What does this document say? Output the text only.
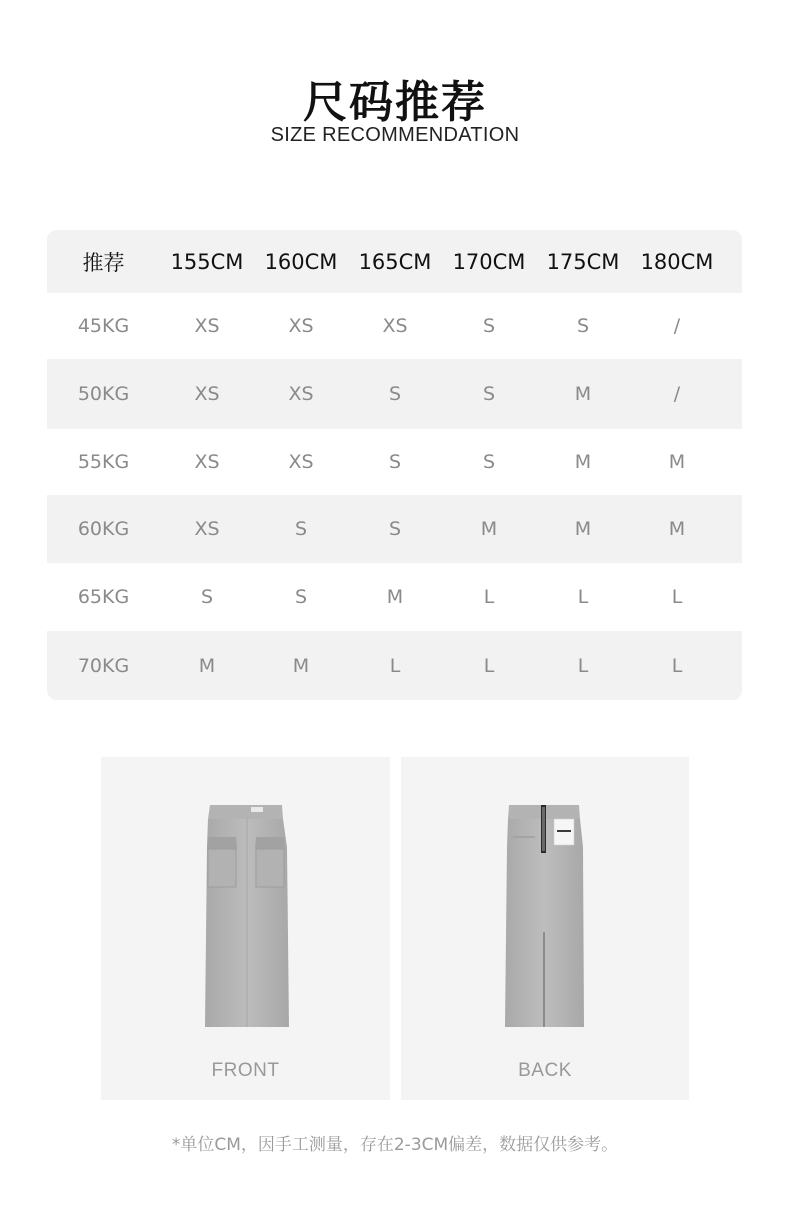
尺码推荐
SIZE RECOMMENDATION
推荐	155CM	160CM	165CM	170CM	175CM	180CM
45KG	XS	XS	XS	S	S	/
50KG	XS	XS	S	S	M	/
55KG	XS	XS	S	S	M	M
60KG	XS	S	S	M	M	M
65KG	S	S	M	L	L	L
70KG	M	M	L	L	L	L
FRONT	BACK
*单位CM，因手工测量，存在2-3CM偏差，数据仅供参考。
